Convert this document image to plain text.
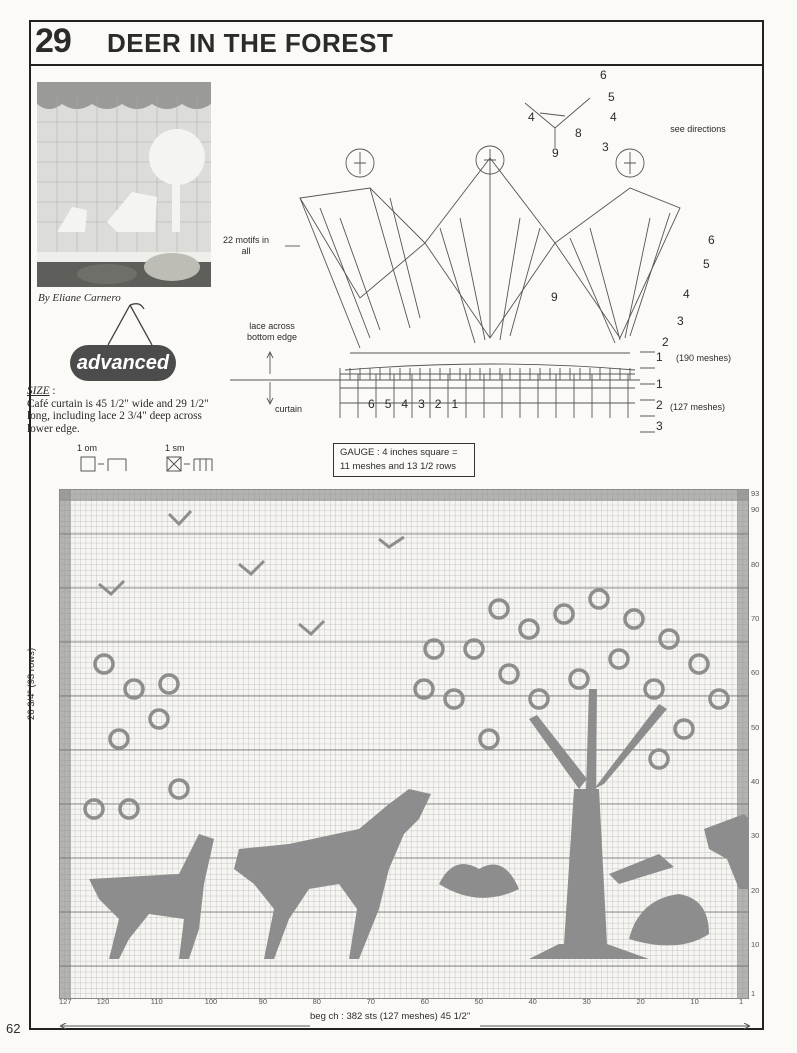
29 DEER IN THE FOREST
By Eliane Carnero
advanced
SIZE :
Café curtain is 45 1/2" wide and 29 1/2" long, including lace 2 3/4" deep across lower edge.
1 om	1 sm
22 motifs in all
see directions
lace across bottom edge
curtain
(190 meshes)
(127 meshes)
6
5
4	4
3
8
9
9
6
5
4
3
2
1
1
2
3
654321
GAUGE : 4 inches square =
11 meshes and 13 1/2 rows
26 3/4" (93 rows)
93
90
80
70
60
50
40
30
20
10
1
127	120	110	100	90	80	70	60	50	40	30	20	10	1
beg ch : 382 sts (127 meshes) 45 1/2"
62
